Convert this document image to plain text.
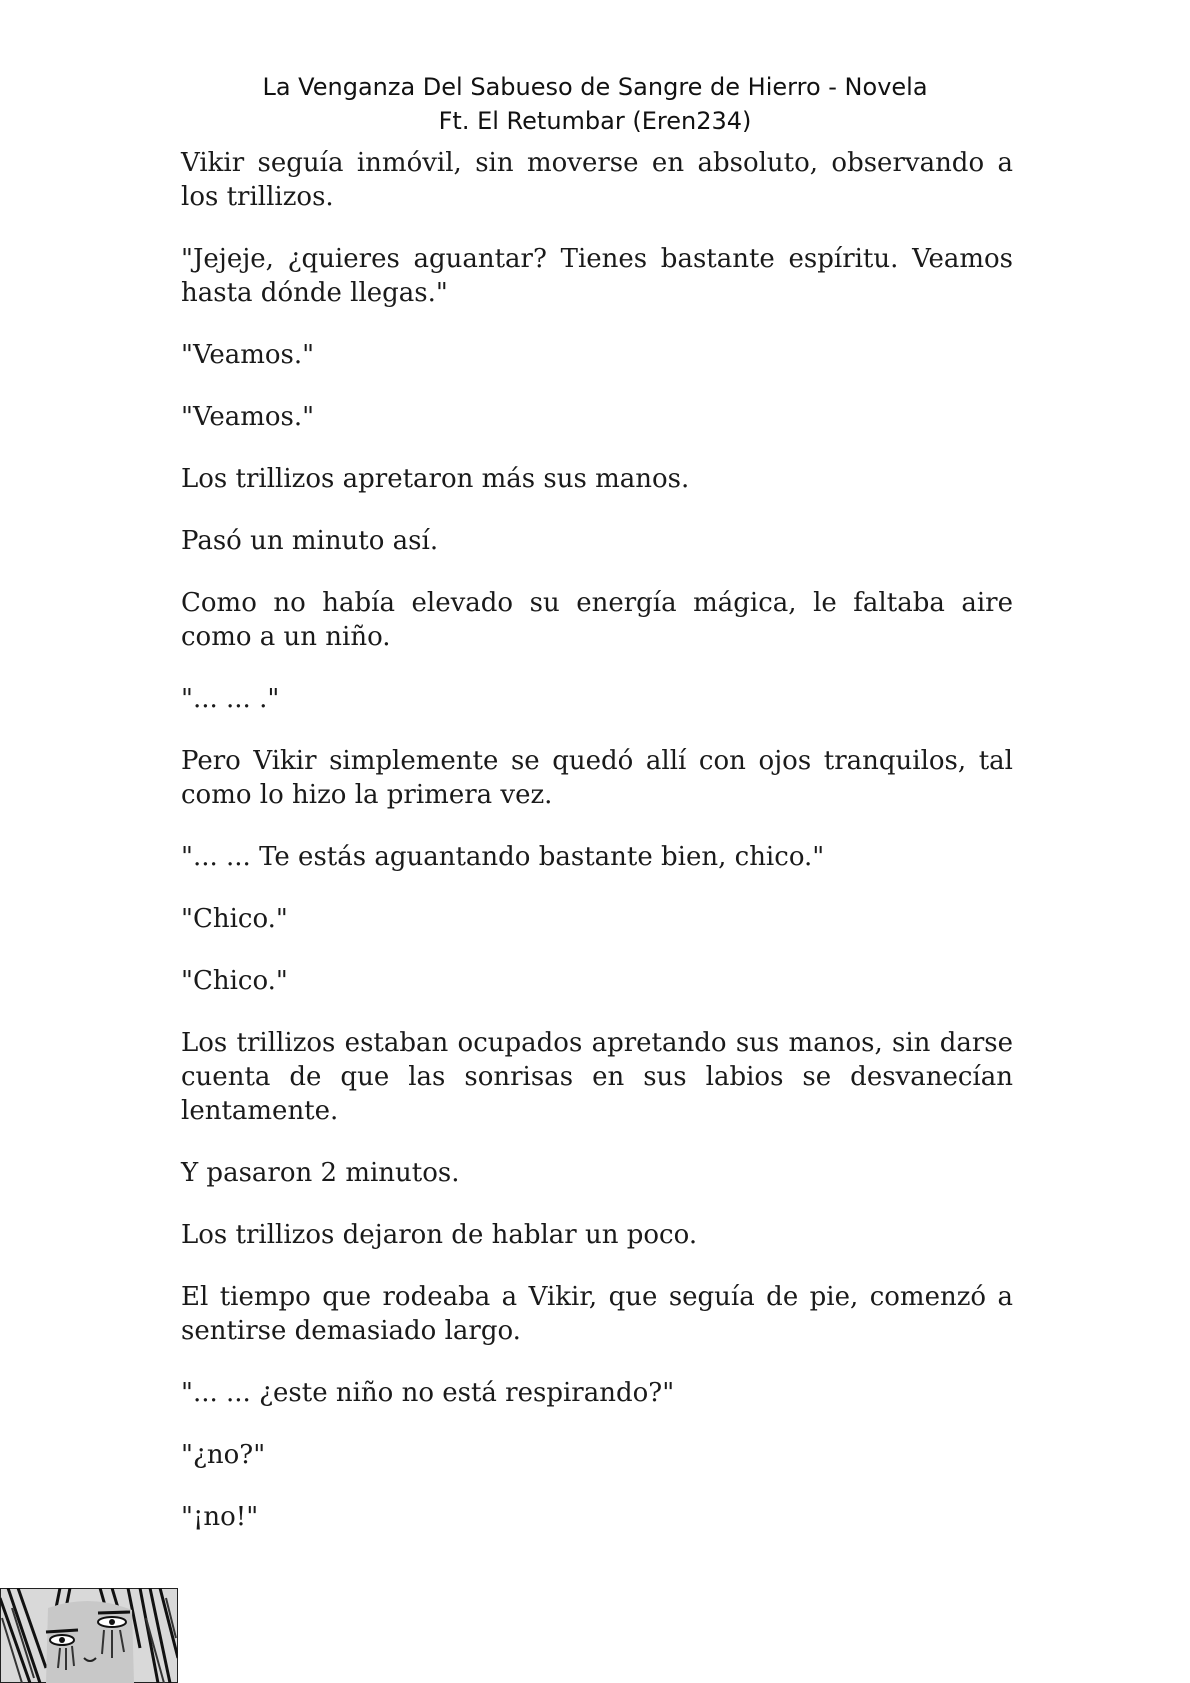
La Venganza Del Sabueso de Sangre de Hierro - Novela
Ft. El Retumbar (Eren234)

Vikir seguía inmóvil, sin moverse en absoluto, observando a los trillizos.

"Jejeje, ¿quieres aguantar? Tienes bastante espíritu. Veamos hasta dónde llegas."

"Veamos."

"Veamos."

Los trillizos apretaron más sus manos.

Pasó un minuto así.

Como no había elevado su energía mágica, le faltaba aire como a un niño.

"... ... ."

Pero Vikir simplemente se quedó allí con ojos tranquilos, tal como lo hizo la primera vez.

"... ... Te estás aguantando bastante bien, chico."

"Chico."

"Chico."

Los trillizos estaban ocupados apretando sus manos, sin darse cuenta de que las sonrisas en sus labios se desvanecían lentamente.

Y pasaron 2 minutos.

Los trillizos dejaron de hablar un poco.

El tiempo que rodeaba a Vikir, que seguía de pie, comenzó a sentirse demasiado largo.

"... ... ¿este niño no está respirando?"

"¿no?"

"¡no!"
